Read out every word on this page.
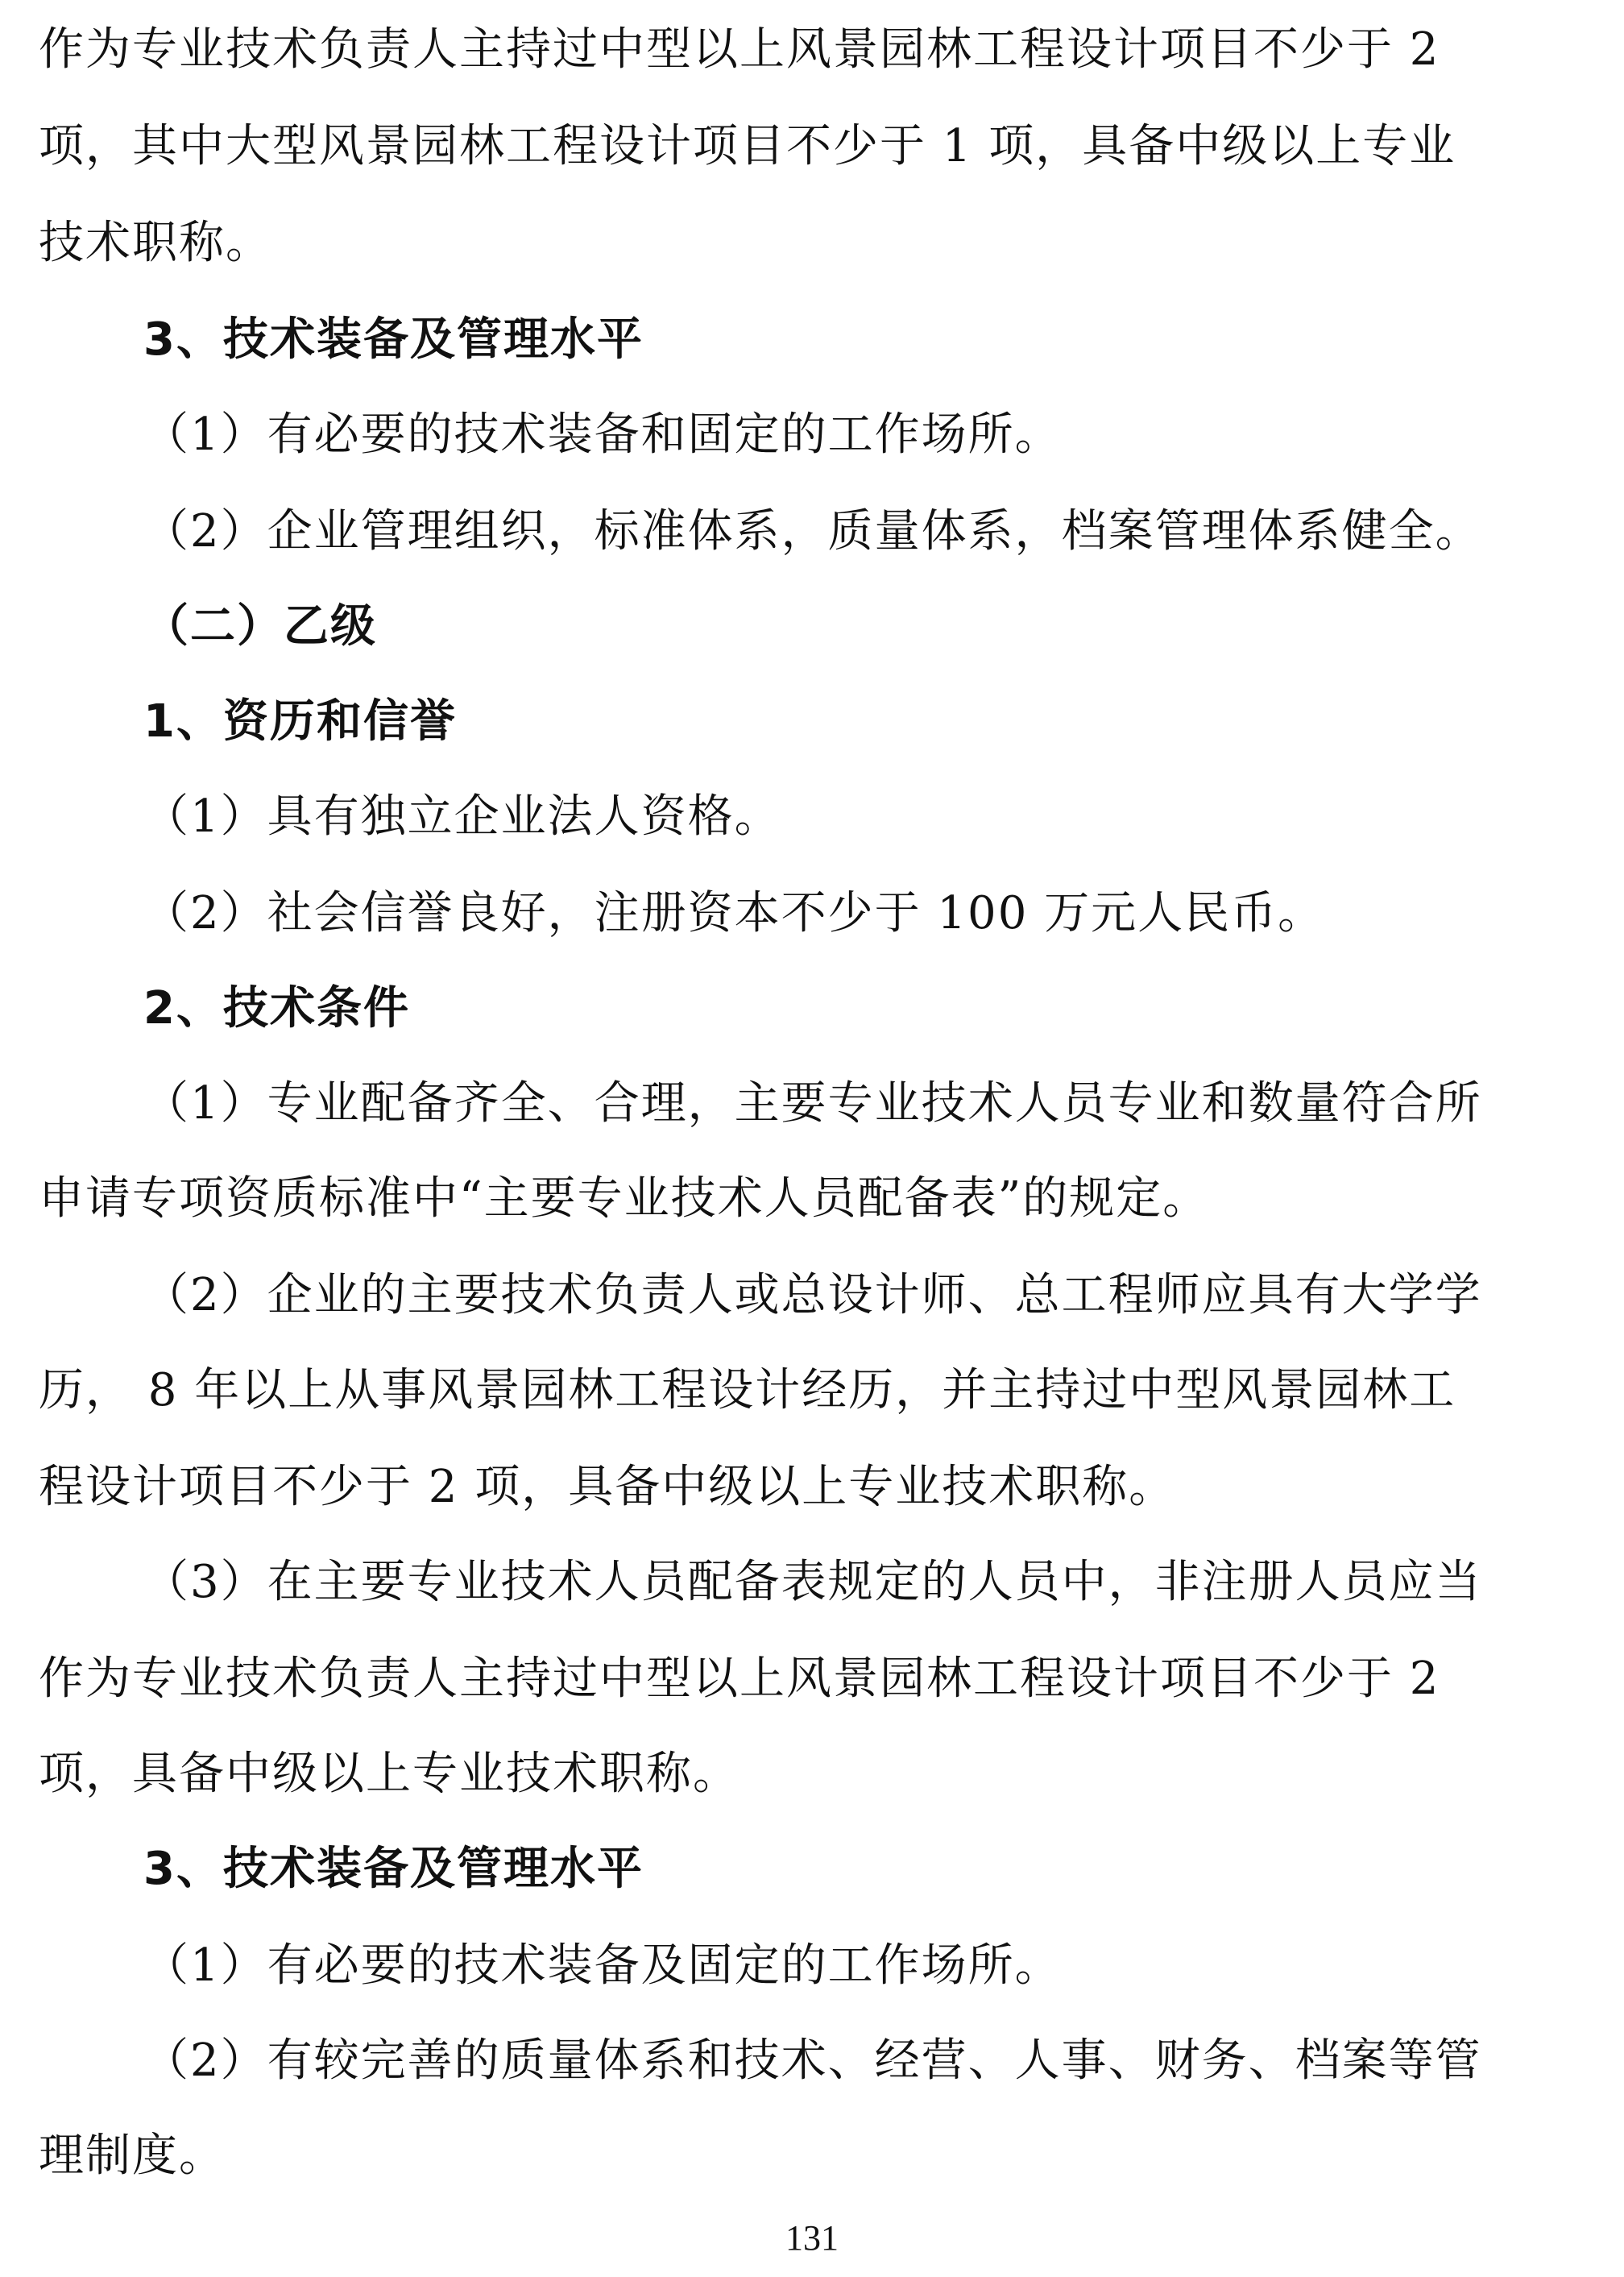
作为专业技术负责人主持过中型以上风景园林工程设计项目不少于 2
项，其中大型风景园林工程设计项目不少于 1 项，具备中级以上专业
技术职称。
3、技术装备及管理水平
（1）有必要的技术装备和固定的工作场所。
（2）企业管理组织，标准体系，质量体系，档案管理体系健全。
（二）乙级
1、资历和信誉
（1）具有独立企业法人资格。
（2）社会信誉良好，注册资本不少于 100 万元人民币。
2、技术条件
（1）专业配备齐全、合理，主要专业技术人员专业和数量符合所
申请专项资质标准中“主要专业技术人员配备表”的规定。
（2）企业的主要技术负责人或总设计师、总工程师应具有大学学
历， 8 年以上从事风景园林工程设计经历，并主持过中型风景园林工
程设计项目不少于 2 项，具备中级以上专业技术职称。
（3）在主要专业技术人员配备表规定的人员中，非注册人员应当
作为专业技术负责人主持过中型以上风景园林工程设计项目不少于 2
项，具备中级以上专业技术职称。
3、技术装备及管理水平
（1）有必要的技术装备及固定的工作场所。
（2）有较完善的质量体系和技术、经营、人事、财务、档案等管
理制度。
131
